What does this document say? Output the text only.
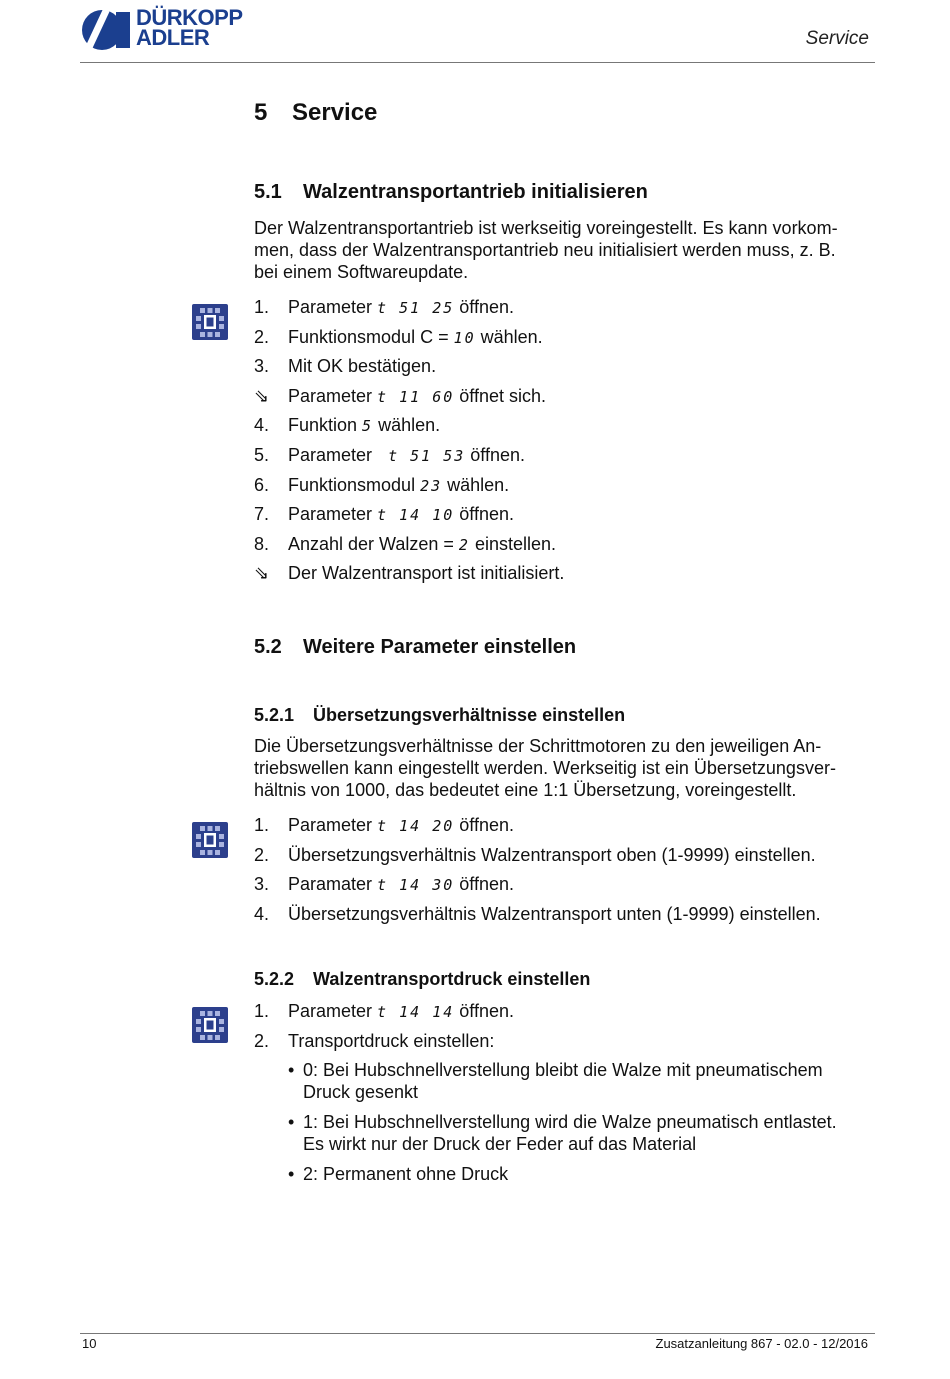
DÜRKOPP
ADLER	Service
5 Service
5.1 Walzentransportantrieb initialisieren
Der Walzentransportantrieb ist werkseitig voreingestellt. Es kann vorkom-
men, dass der Walzentransportantrieb neu initialisiert werden muss, z. B.
bei einem Softwareupdate.
1.	Parameter t 51 25 öffnen.
2.	Funktionsmodul C = 10 wählen.
3.	Mit OK bestätigen.
⇘	Parameter t 11 60 öffnet sich.
4.	Funktion 5 wählen.
5.	Parameter  t 51 53 öffnen.
6.	Funktionsmodul 23 wählen.
7.	Parameter t 14 10 öffnen.
8.	Anzahl der Walzen = 2 einstellen.
⇘	Der Walzentransport ist initialisiert.
5.2 Weitere Parameter einstellen
5.2.1 Übersetzungsverhältnisse einstellen
Die Übersetzungsverhältnisse der Schrittmotoren zu den jeweiligen An-
triebswellen kann eingestellt werden. Werkseitig ist ein Übersetzungsver-
hältnis von 1000, das bedeutet eine 1:1 Übersetzung, voreingestellt.
1.	Parameter t 14 20 öffnen.
2.	Übersetzungsverhältnis Walzentransport oben (1-9999) einstellen.
3.	Paramater t 14 30 öffnen.
4.	Übersetzungsverhältnis Walzentransport unten (1-9999) einstellen.
5.2.2 Walzentransportdruck einstellen
1.	Parameter t 14 14 öffnen.
2.	Transportdruck einstellen:
• 0: Bei Hubschnellverstellung bleibt die Walze mit pneumatischem
Druck gesenkt
• 1: Bei Hubschnellverstellung wird die Walze pneumatisch entlastet.
Es wirkt nur der Druck der Feder auf das Material
• 2: Permanent ohne Druck
10	Zusatzanleitung 867 - 02.0 - 12/2016
